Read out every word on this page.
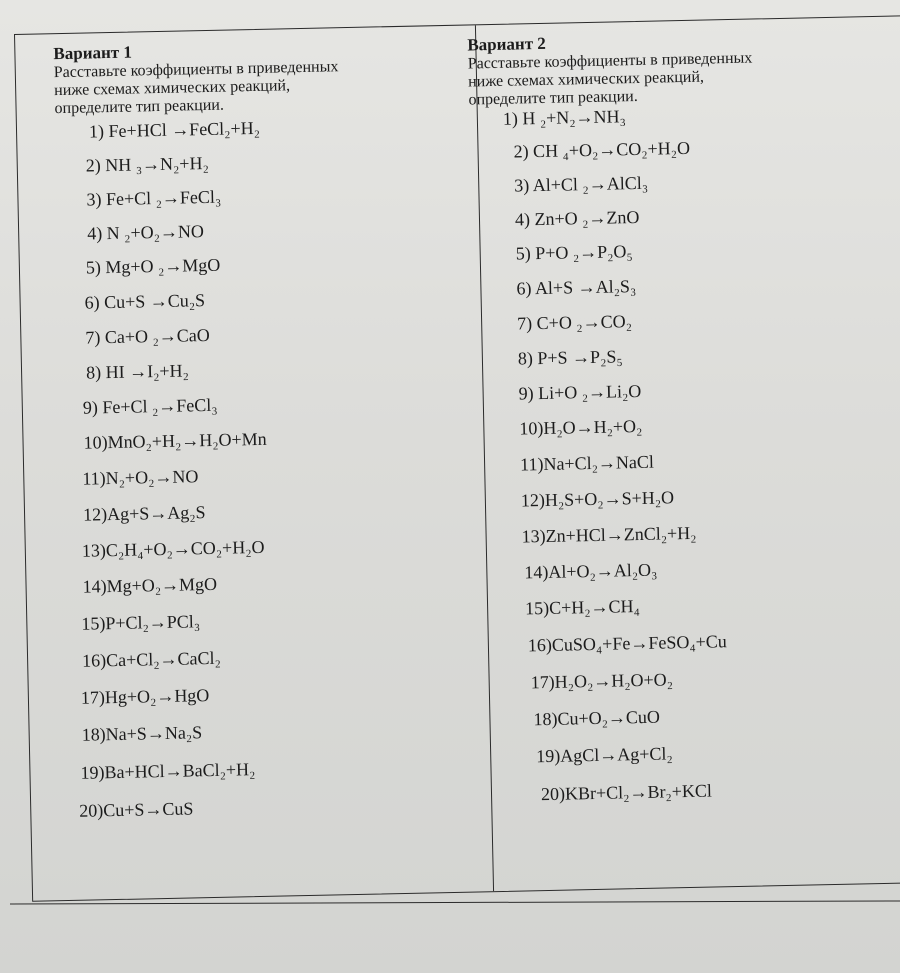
Вариант 1

Расставьте коэффициенты в приведенных
ниже схемах химических реакций,
определите тип реакции.

1) Fe+HCl →FeCl₂+H₂
2) NH ₃→N₂+H₂
3) Fe+Cl ₂→FeCl₃
4) N ₂+O₂→NO
5) Mg+O ₂→MgO
6) Cu+S →Cu₂S
7) Ca+O ₂→CaO
8) HI →I₂+H₂
9) Fe+Cl ₂→FeCl₃
10)MnO₂+H₂→H₂O+Mn
11)N₂+O₂→NO
12)Ag+S→Ag₂S
13)C₂H₄+O₂→CO₂+H₂O
14)Mg+O₂→MgO
15)P+Cl₂→PCl₃
16)Ca+Cl₂→CaCl₂
17)Hg+O₂→HgO
18)Na+S→Na₂S
19)Ba+HCl→BaCl₂+H₂
20)Cu+S→CuS
Вариант 2

Расставьте коэффициенты в приведенных
ниже схемах химических реакций,
определите тип реакции.

1) H ₂+N₂→NH₃
2) CH ₄+O₂→CO₂+H₂O
3) Al+Cl ₂→AlCl₃
4) Zn+O ₂→ZnO
5) P+O ₂→P₂O₅
6) Al+S →Al₂S₃
7) C+O ₂→CO₂
8) P+S →P₂S₅
9) Li+O ₂→Li₂O
10)H₂O→H₂+O₂
11)Na+Cl₂→NaCl
12)H₂S+O₂→S+H₂O
13)Zn+HCl→ZnCl₂+H₂
14)Al+O₂→Al₂O₃
15)C+H₂→CH₄
16)CuSO₄+Fe→FeSO₄+Cu
17)H₂O₂→H₂O+O₂
18)Cu+O₂→CuO
19)AgCl→Ag+Cl₂
20)KBr+Cl₂→Br₂+KCl
